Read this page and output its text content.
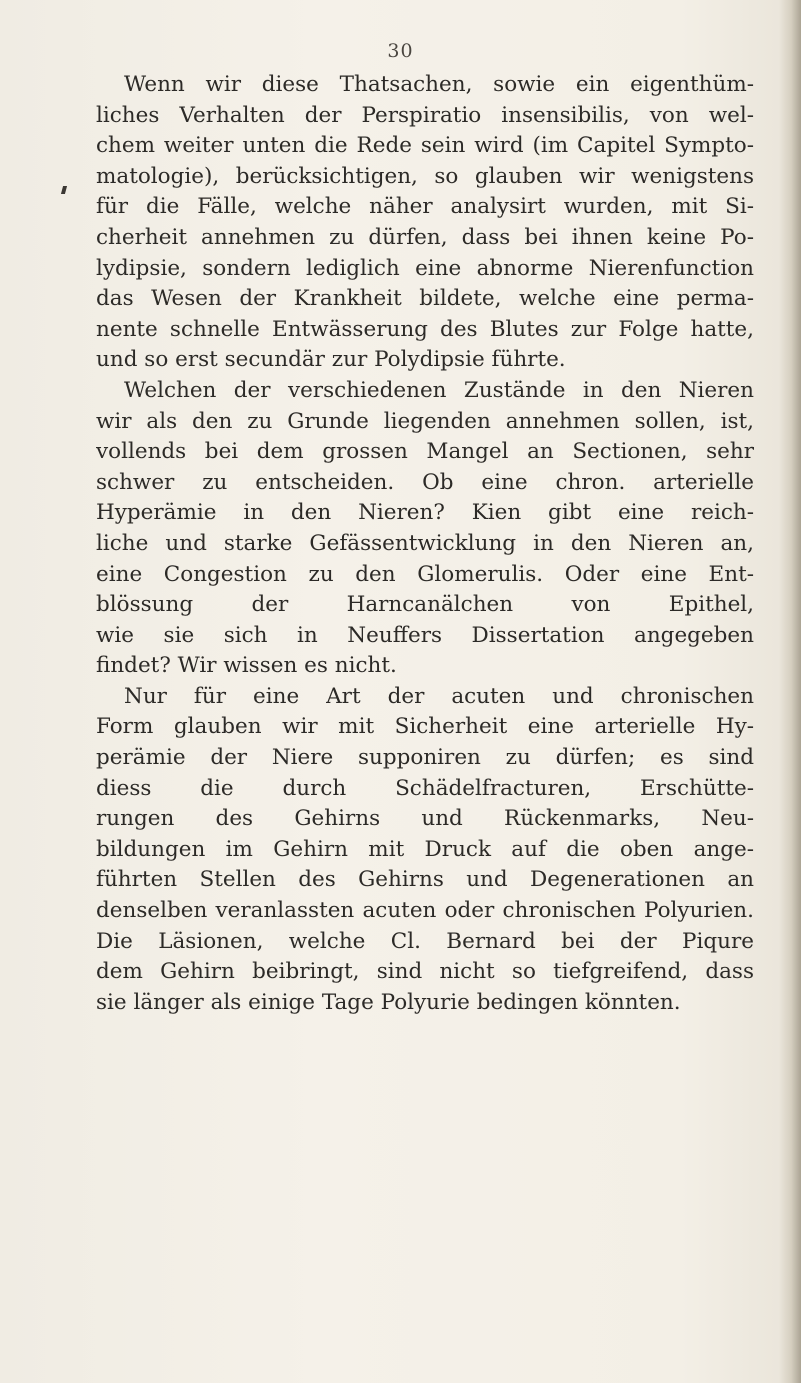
30
Wenn wir diese Thatsachen, sowie ein eigenthüm-
liches Verhalten der Perspiratio insensibilis, von wel-
chem weiter unten die Rede sein wird (im Capitel Sympto-
matologie), berücksichtigen, so glauben wir wenigstens
für die Fälle, welche näher analysirt wurden, mit Si-
cherheit annehmen zu dürfen, dass bei ihnen keine Po-
lydipsie, sondern lediglich eine abnorme Nierenfunction
das Wesen der Krankheit bildete, welche eine perma-
nente schnelle Entwässerung des Blutes zur Folge hatte,
und so erst secundär zur Polydipsie führte.
Welchen der verschiedenen Zustände in den Nieren
wir als den zu Grunde liegenden annehmen sollen, ist,
vollends bei dem grossen Mangel an Sectionen, sehr
schwer zu entscheiden. Ob eine chron. arterielle
Hyperämie in den Nieren? Kien gibt eine reich-
liche und starke Gefässentwicklung in den Nieren an,
eine Congestion zu den Glomerulis. Oder eine Ent-
blössung der Harncanälchen von Epithel,
wie sie sich in Neuffers Dissertation angegeben
findet? Wir wissen es nicht.
Nur für eine Art der acuten und chronischen
Form glauben wir mit Sicherheit eine arterielle Hy-
perämie der Niere supponiren zu dürfen; es sind
diess die durch Schädelfracturen, Erschütte-
rungen des Gehirns und Rückenmarks, Neu-
bildungen im Gehirn mit Druck auf die oben ange-
führten Stellen des Gehirns und Degenerationen an
denselben veranlassten acuten oder chronischen Polyurien.
Die Läsionen, welche Cl. Bernard bei der Piqure
dem Gehirn beibringt, sind nicht so tiefgreifend, dass
sie länger als einige Tage Polyurie bedingen könnten.
